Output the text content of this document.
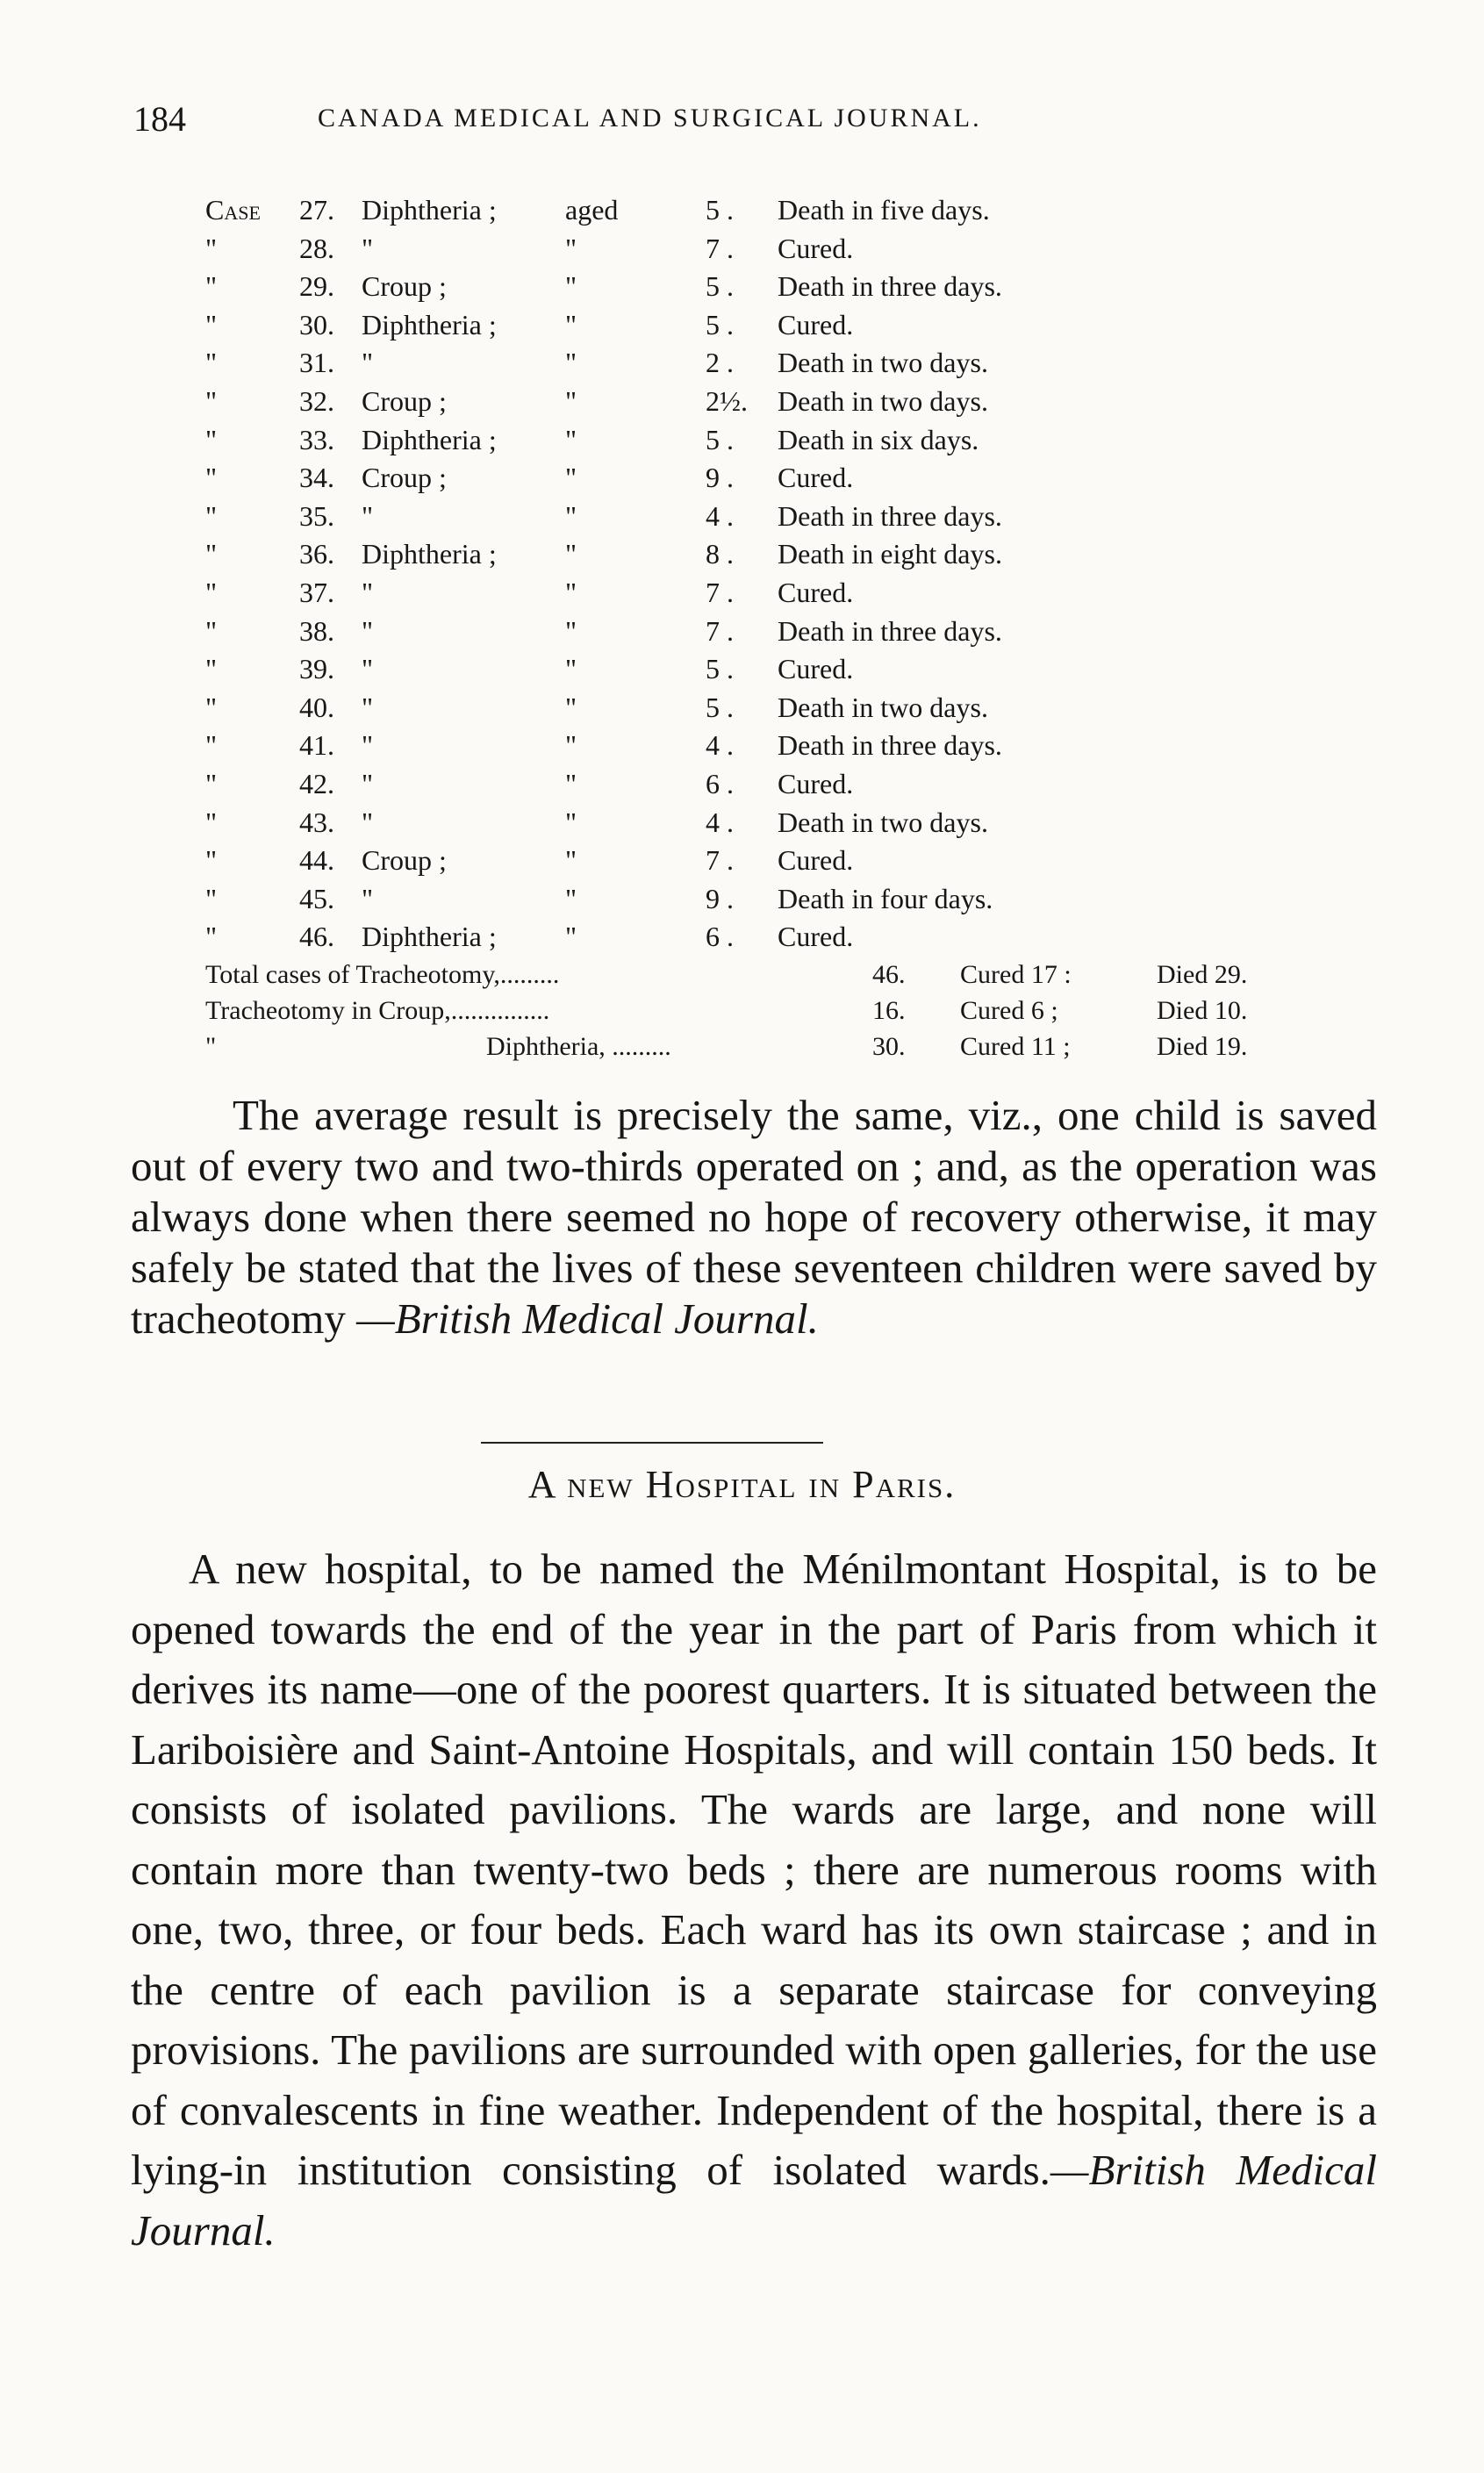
184	CANADA MEDICAL AND SURGICAL JOURNAL.
Case 27. Diphtheria ; aged	5 . Death in five days.
"	28. "	"	7 . Cured.
"	29. Croup ;	"	5 . Death in three days.
"	30. Diphtheria ; "	5 . Cured.
"	31. "	"	2 . Death in two days.
"	32. Croup ;	"	2½. Death in two days.
"	33. Diphtheria ; "	5 . Death in six days.
"	34. Croup ;	"	9 . Cured.
"	35. "	"	4 . Death in three days.
"	36. Diphtheria ; "	8 . Death in eight days.
"	37. "	"	7 . Cured.
"	38. "	"	7 . Death in three days.
"	39. "	"	5 . Cured.
"	40. "	"	5 . Death in two days.
"	41. "	"	4 . Death in three days.
"	42. "	"	6 . Cured.
"	43. "	"	4 . Death in two days.
"	44. Croup ;	"	7 . Cured.
"	45. "	"	9 . Death in four days.
"	46. Diphtheria ; "	6 . Cured.
Total cases of Tracheotomy,.........	46. Cured 17 :	Died 29.
Tracheotomy in Croup,...............	16. Cured 6 ;	Died 10.
"	Diphtheria, .........	30. Cured 11 ;	Died 19.
The average result is precisely the same, viz., one child is saved out of every two and two-thirds operated on ; and, as the operation was always done when there seemed no hope of recovery otherwise, it may safely be stated that the lives of these seventeen children were saved by tracheotomy —British Medical Journal.
A new Hospital in Paris.
A new hospital, to be named the Ménilmontant Hospital, is to be opened towards the end of the year in the part of Paris from which it derives its name—one of the poorest quarters. It is situated between the Lariboisière and Saint-Antoine Hospitals, and will contain 150 beds. It consists of isolated pavilions. The wards are large, and none will contain more than twenty-two beds ; there are numerous rooms with one, two, three, or four beds. Each ward has its own staircase ; and in the centre of each pavilion is a separate staircase for conveying provisions. The pavilions are surrounded with open galleries, for the use of convalescents in fine weather. Independent of the hospital, there is a lying-in institution consisting of isolated wards.—British Medical Journal.
